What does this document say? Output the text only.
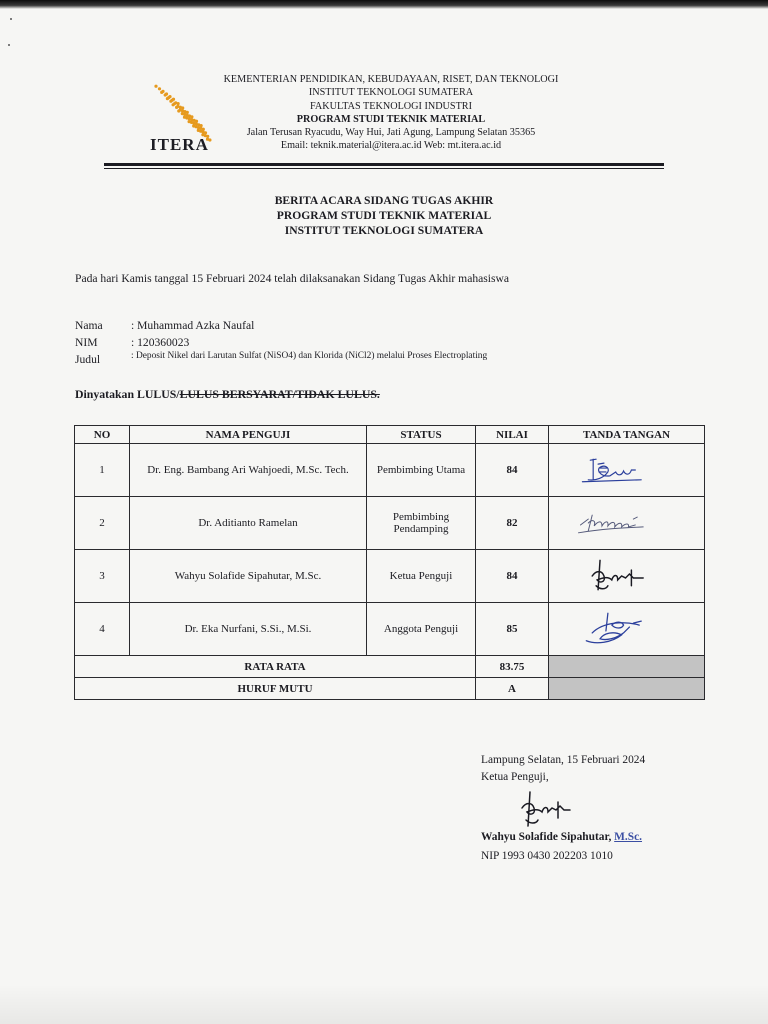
ITERA
KEMENTERIAN PENDIDIKAN, KEBUDAYAAN, RISET, DAN TEKNOLOGI
INSTITUT TEKNOLOGI SUMATERA
FAKULTAS TEKNOLOGI INDUSTRI
PROGRAM STUDI TEKNIK MATERIAL
Jalan Terusan Ryacudu, Way Hui, Jati Agung, Lampung Selatan 35365
Email: teknik.material@itera.ac.id Web: mt.itera.ac.id
BERITA ACARA SIDANG TUGAS AKHIR
PROGRAM STUDI TEKNIK MATERIAL
INSTITUT TEKNOLOGI SUMATERA
Pada hari Kamis tanggal 15 Februari 2024 telah dilaksanakan Sidang Tugas Akhir mahasiswa
Nama : Muhammad Azka Naufal
NIM	: 120360023
Judul	: Deposit Nikel dari Larutan Sulfat (NiSO4) dan Klorida (NiCl2) melalui Proses Electroplating
Dinyatakan LULUS/LULUS BERSYARAT/TIDAK LULUS.
NO	NAMA PENGUJI	STATUS	NILAI	TANDA TANGAN
1	Dr. Eng. Bambang Ari Wahjoedi, M.Sc. Tech.	Pembimbing Utama	84	

2	Dr. Aditianto Ramelan	Pembimbing Pendamping	82	

3	Wahyu Solafide Sipahutar, M.Sc.	Ketua Penguji	84	

4	Dr. Eka Nurfani, S.Si., M.Si.	Anggota Penguji	85	

RATA RATA			83.75	
HURUF MUTU			A	
Lampung Selatan, 15 Februari 2024
Ketua Penguji,
Wahyu Solafide Sipahutar, M.Sc.
NIP 1993 0430 202203 1010
